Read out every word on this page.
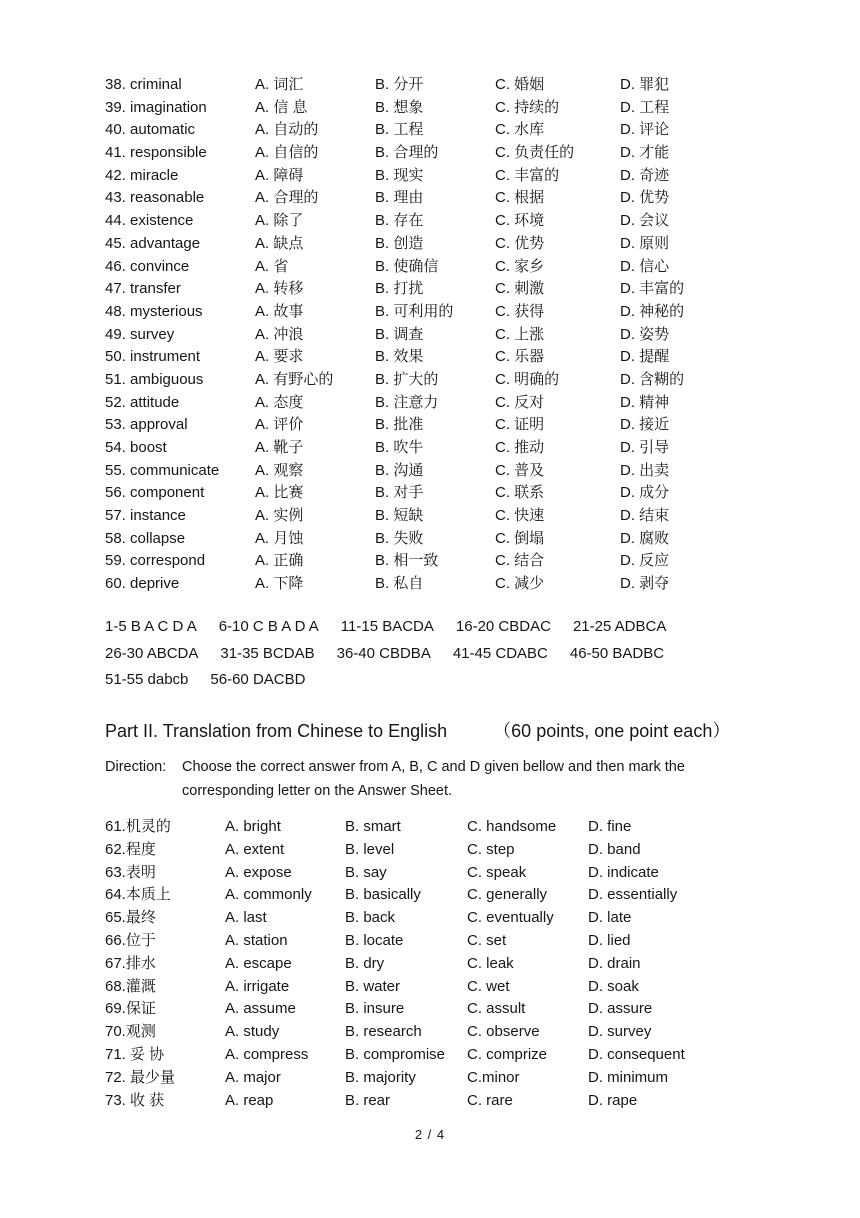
38. criminal	A. 词汇	B. 分开	C. 婚姻	D. 罪犯
39. imagination	A. 信 息	B. 想象	C. 持续的	D. 工程
40. automatic	A. 自动的	B. 工程	C. 水库	D. 评论
41. responsible	A. 自信的	B. 合理的	C. 负责任的	D. 才能
42. miracle	A. 障碍	B. 现实	C. 丰富的	D. 奇迹
43. reasonable	A. 合理的	B. 理由	C. 根据	D. 优势
44. existence	A. 除了	B. 存在	C. 环境	D. 会议
45. advantage	A. 缺点	B. 创造	C. 优势	D. 原则
46. convince	A. 省	B. 使确信	C. 家乡	D. 信心
47. transfer	A. 转移	B. 打扰	C. 刺激	D. 丰富的
48. mysterious	A. 故事	B. 可利用的	C. 获得	D. 神秘的
49. survey	A. 冲浪	B. 调查	C. 上涨	D. 姿势
50. instrument	A. 要求	B. 效果	C. 乐器	D. 提醒
51. ambiguous	A. 有野心的	B. 扩大的	C. 明确的	D. 含糊的
52. attitude	A. 态度	B. 注意力	C. 反对	D. 精神
53. approval	A. 评价	B. 批准	C. 证明	D. 接近
54. boost	A. 靴子	B. 吹牛	C. 推动	D. 引导
55. communicate	A. 观察	B. 沟通	C. 普及	D. 出卖
56. component	A. 比赛	B. 对手	C. 联系	D. 成分
57. instance	A. 实例	B. 短缺	C. 快速	D. 结束
58. collapse	A. 月蚀	B. 失败	C. 倒塌	D. 腐败
59. correspond	A. 正确	B. 相一致	C. 结合	D. 反应
60. deprive	A. 下降	B. 私自	C. 减少	D. 剥夺
1-5 B A C D A 6-10 C B A D A 11-15 BACDA 16-20 CBDAC 21-25 ADBCA
26-30 ABCDA 31-35 BCDAB 36-40 CBDBA 41-45 CDABC 46-50 BADBC
51-55 dabcb 56-60 DACBD
Part II. Translation from Chinese to English	（60 points, one point each）
Direction:	Choose the correct answer from A, B, C and D given bellow and then mark the
corresponding letter on the Answer Sheet.
61.机灵的	A. bright	B. smart	C. handsome	D. fine
62.程度	A. extent	B. level	C. step	D. band
63.表明	A. expose	B. say	C. speak	D. indicate
64.本质上	A. commonly	B. basically	C. generally	D. essentially
65.最终	A. last	B. back	C. eventually	D. late
66.位于	A. station	B. locate	C. set	D. lied
67.排水	A. escape	B. dry	C. leak	D. drain
68.灌溉	A. irrigate	B. water	C. wet	D. soak
69.保证	A. assume	B. insure	C. assult	D. assure
70.观测	A. study	B. research	C. observe	D. survey
71. 妥 协	A. compress	B. compromise	C. comprize	D. consequent
72. 最少量	A. major	B. majority	C.minor	D. minimum
73. 收 获	A. reap	B. rear	C. rare	D. rape
2 / 4
